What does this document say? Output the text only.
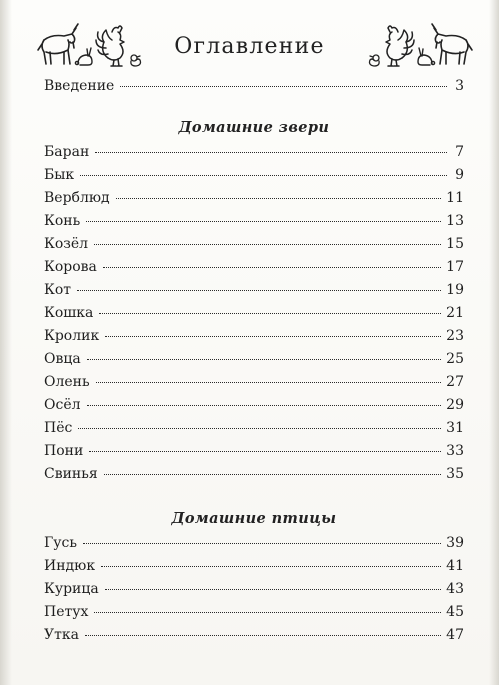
Оглавление
Введение	3
Домашние звери
Баран	7
Бык	9
Верблюд	11
Конь	13
Козёл	15
Корова	17
Кот	19
Кошка	21
Кролик	23
Овца	25
Олень	27
Осёл	29
Пёс	31
Пони	33
Свинья	35
Домашние птицы
Гусь	39
Индюк	41
Курица	43
Петух	45
Утка	47
